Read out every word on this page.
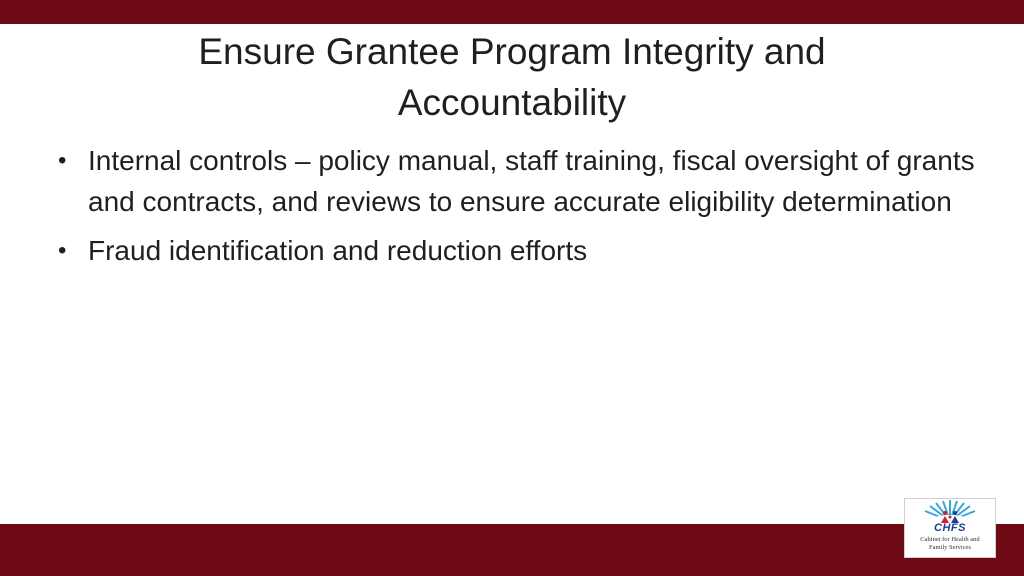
Ensure Grantee Program Integrity and Accountability
• Internal controls – policy manual, staff training, fiscal oversight of grants and contracts, and reviews to ensure accurate eligibility determination
• Fraud identification and reduction efforts
CHFS
Cabinet for Health and
Family Services
